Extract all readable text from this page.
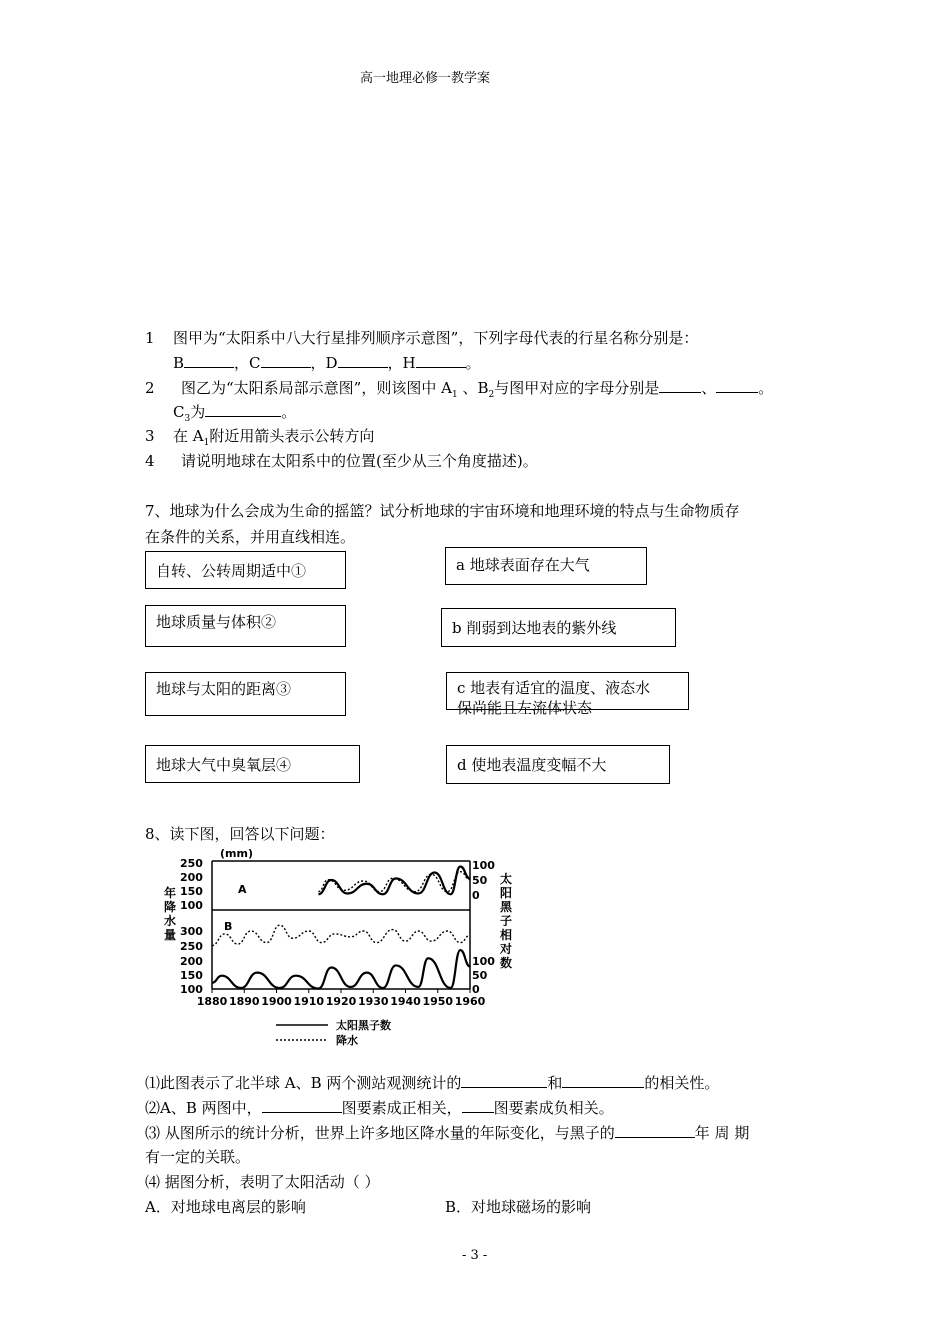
高一地理必修一教学案
1 图甲为“太阳系中八大行星排列顺序示意图”，下列字母代表的行星名称分别是：
B	，C	，D	，H	。
2 图乙为“太阳系局部示意图”，则该图中 $A_1$ 、$B_2$与图甲对应的字母分别是	、	。
$C_3$为	。
3 在 $A_1$附近用箭头表示公转方向
4 请说明地球在太阳系中的位置(至少从三个角度描述)。
7、地球为什么会成为生命的摇篮？试分析地球的宇宙环境和地理环境的特点与生命物质存
在条件的关系，并用直线相连。
自转、公转周期适中①
地球质量与体积②
地球与太阳的距离③
地球大气中臭氧层④
a 地球表面存在大气
b 削弱到达地表的紫外线
c 地表有适宜的温度、液态水
保尚能且左流体状态
d 使地表温度变幅不大
8、读下图，回答以下问题：
(mm)
A
B
太阳黑子数
降水
250
200
150
100
300
250
200
150
100
100
50
0
100
50
0
1880 1890 1900 1910 1920 1930 1940 1950 1960
年
降
水
量
太
阳
黑
子
相
对
数
⑴此图表示了北半球 A、B 两个测站观测统计的	和	的相关性。
⑵A、B 两图中，	图要素成正相关， 图要素成负相关。
⑶ 从图所示的统计分析，世界上许多地区降水量的年际变化，与黑子的	年 周 期
有一定的关联。
⑷ 据图分析，表明了太阳活动（ ）
A．对地球电离层的影响	B．对地球磁场的影响
- 3 -
